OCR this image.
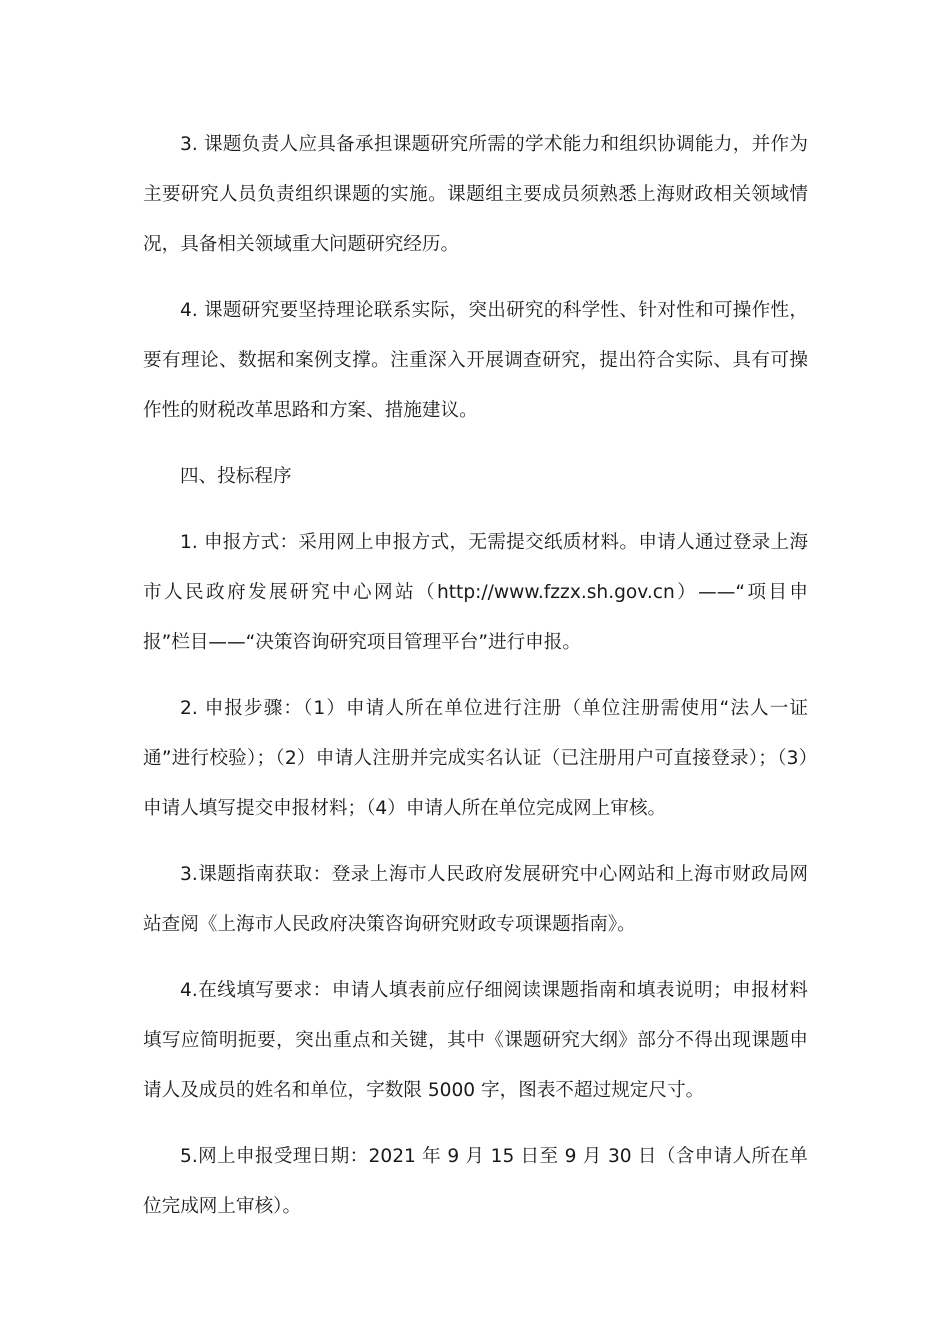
3. 课题负责人应具备承担课题研究所需的学术能力和组织协调能力，并作为主要研究人员负责组织课题的实施。课题组主要成员须熟悉上海财政相关领域情况，具备相关领域重大问题研究经历。

4. 课题研究要坚持理论联系实际，突出研究的科学性、针对性和可操作性，要有理论、数据和案例支撑。注重深入开展调查研究，提出符合实际、具有可操作性的财税改革思路和方案、措施建议。

四、投标程序

1. 申报方式：采用网上申报方式，无需提交纸质材料。申请人通过登录上海市人民政府发展研究中心网站（http://www.fzzx.sh.gov.cn）——“项目申报”栏目——“决策咨询研究项目管理平台”进行申报。

2. 申报步骤：（1）申请人所在单位进行注册（单位注册需使用“法人一证通”进行校验）；（2）申请人注册并完成实名认证（已注册用户可直接登录）；（3）申请人填写提交申报材料；（4）申请人所在单位完成网上审核。

3.课题指南获取：登录上海市人民政府发展研究中心网站和上海市财政局网站查阅《上海市人民政府决策咨询研究财政专项课题指南》。

4.在线填写要求：申请人填表前应仔细阅读课题指南和填表说明；申报材料填写应简明扼要，突出重点和关键，其中《课题研究大纲》部分不得出现课题申请人及成员的姓名和单位，字数限 5000 字，图表不超过规定尺寸。

5.网上申报受理日期：2021 年 9 月 15 日至 9 月 30 日（含申请人所在单位完成网上审核）。
